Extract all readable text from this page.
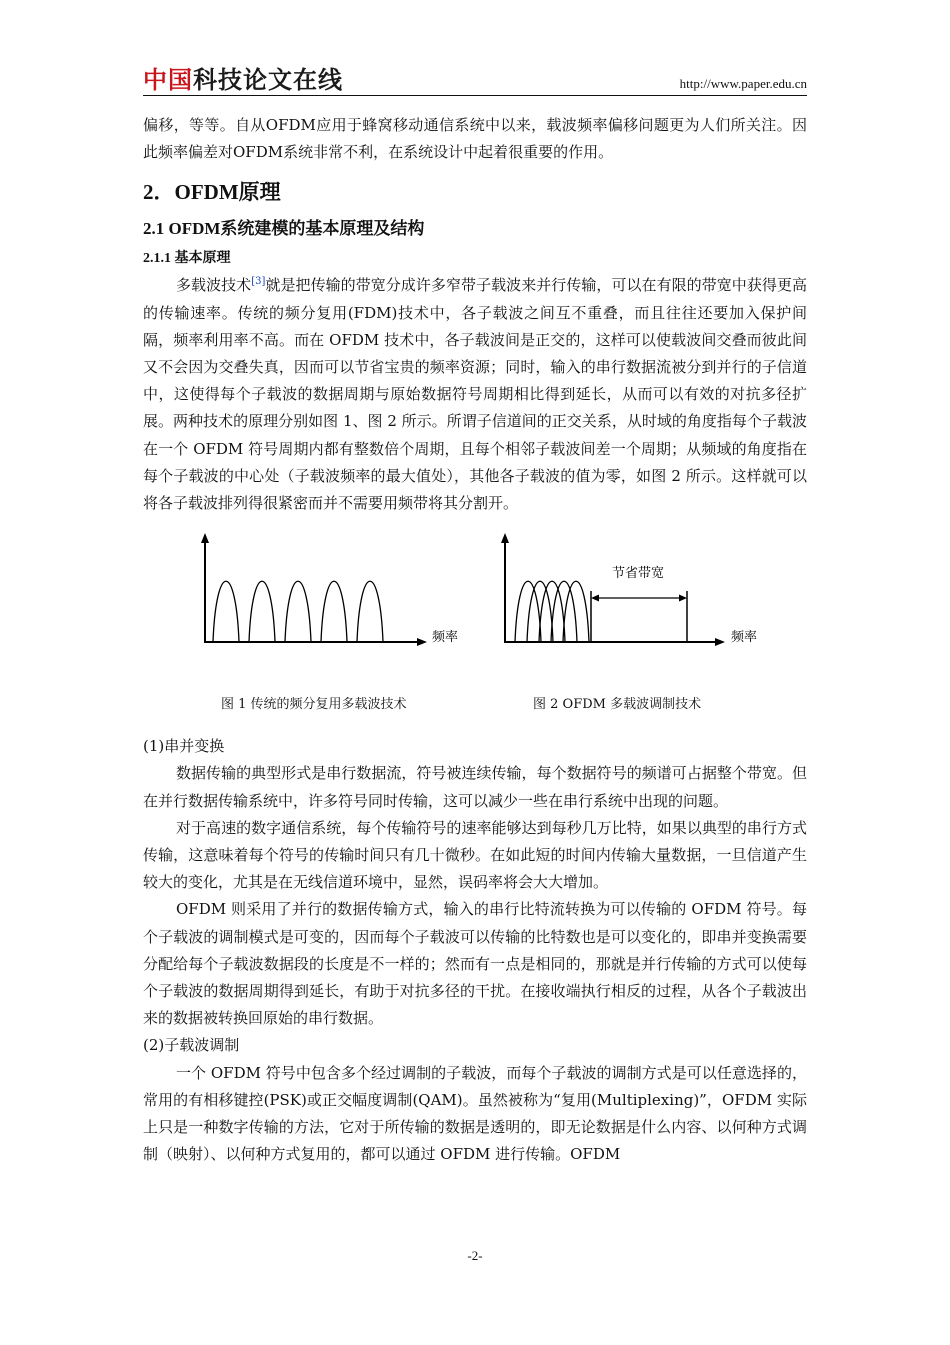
中国科技论文在线	http://www.paper.edu.cn

偏移，等等。自从OFDM应用于蜂窝移动通信系统中以来，载波频率偏移问题更为人们所关注。因此频率偏差对OFDM系统非常不利，在系统设计中起着很重要的作用。

2．OFDM原理
2.1 OFDM系统建模的基本原理及结构
2.1.1 基本原理

多载波技术[3]就是把传输的带宽分成许多窄带子载波来并行传输，可以在有限的带宽中获得更高的传输速率。传统的频分复用(FDM)技术中，各子载波之间互不重叠，而且往往还要加入保护间隔，频率利用率不高。而在 OFDM 技术中，各子载波间是正交的，这样可以使载波间交叠而彼此间又不会因为交叠失真，因而可以节省宝贵的频率资源；同时，输入的串行数据流被分到并行的子信道中，这使得每个子载波的数据周期与原始数据符号周期相比得到延长，从而可以有效的对抗多径扩展。两种技术的原理分别如图 1、图 2 所示。所谓子信道间的正交关系，从时域的角度指每个子载波在一个 OFDM 符号周期内都有整数倍个周期，且每个相邻子载波间差一个周期；从频域的角度指在每个子载波的中心处（子载波频率的最大值处），其他各子载波的值为零，如图 2 所示。这样就可以将各子载波排列得很紧密而并不需要用频带将其分割开。

频率
图 1 传统的频分复用多载波技术
节省带宽
频率
图 2 OFDM 多载波调制技术

(1)串并变换

数据传输的典型形式是串行数据流，符号被连续传输，每个数据符号的频谱可占据整个带宽。但在并行数据传输系统中，许多符号同时传输，这可以减少一些在串行系统中出现的问题。

对于高速的数字通信系统，每个传输符号的速率能够达到每秒几万比特，如果以典型的串行方式传输，这意味着每个符号的传输时间只有几十微秒。在如此短的时间内传输大量数据，一旦信道产生较大的变化，尤其是在无线信道环境中，显然，误码率将会大大增加。

OFDM 则采用了并行的数据传输方式，输入的串行比特流转换为可以传输的 OFDM 符号。每个子载波的调制模式是可变的，因而每个子载波可以传输的比特数也是可以变化的，即串并变换需要分配给每个子载波数据段的长度是不一样的；然而有一点是相同的，那就是并行传输的方式可以使每个子载波的数据周期得到延长，有助于对抗多径的干扰。在接收端执行相反的过程，从各个子载波出来的数据被转换回原始的串行数据。

(2)子载波调制

一个 OFDM 符号中包含多个经过调制的子载波，而每个子载波的调制方式是可以任意选择的，常用的有相移键控(PSK)或正交幅度调制(QAM)。虽然被称为“复用(Multiplexing)”，OFDM 实际上只是一种数字传输的方法，它对于所传输的数据是透明的，即无论数据是什么内容、以何种方式调制（映射）、以何种方式复用的，都可以通过 OFDM 进行传输。OFDM

-2-
